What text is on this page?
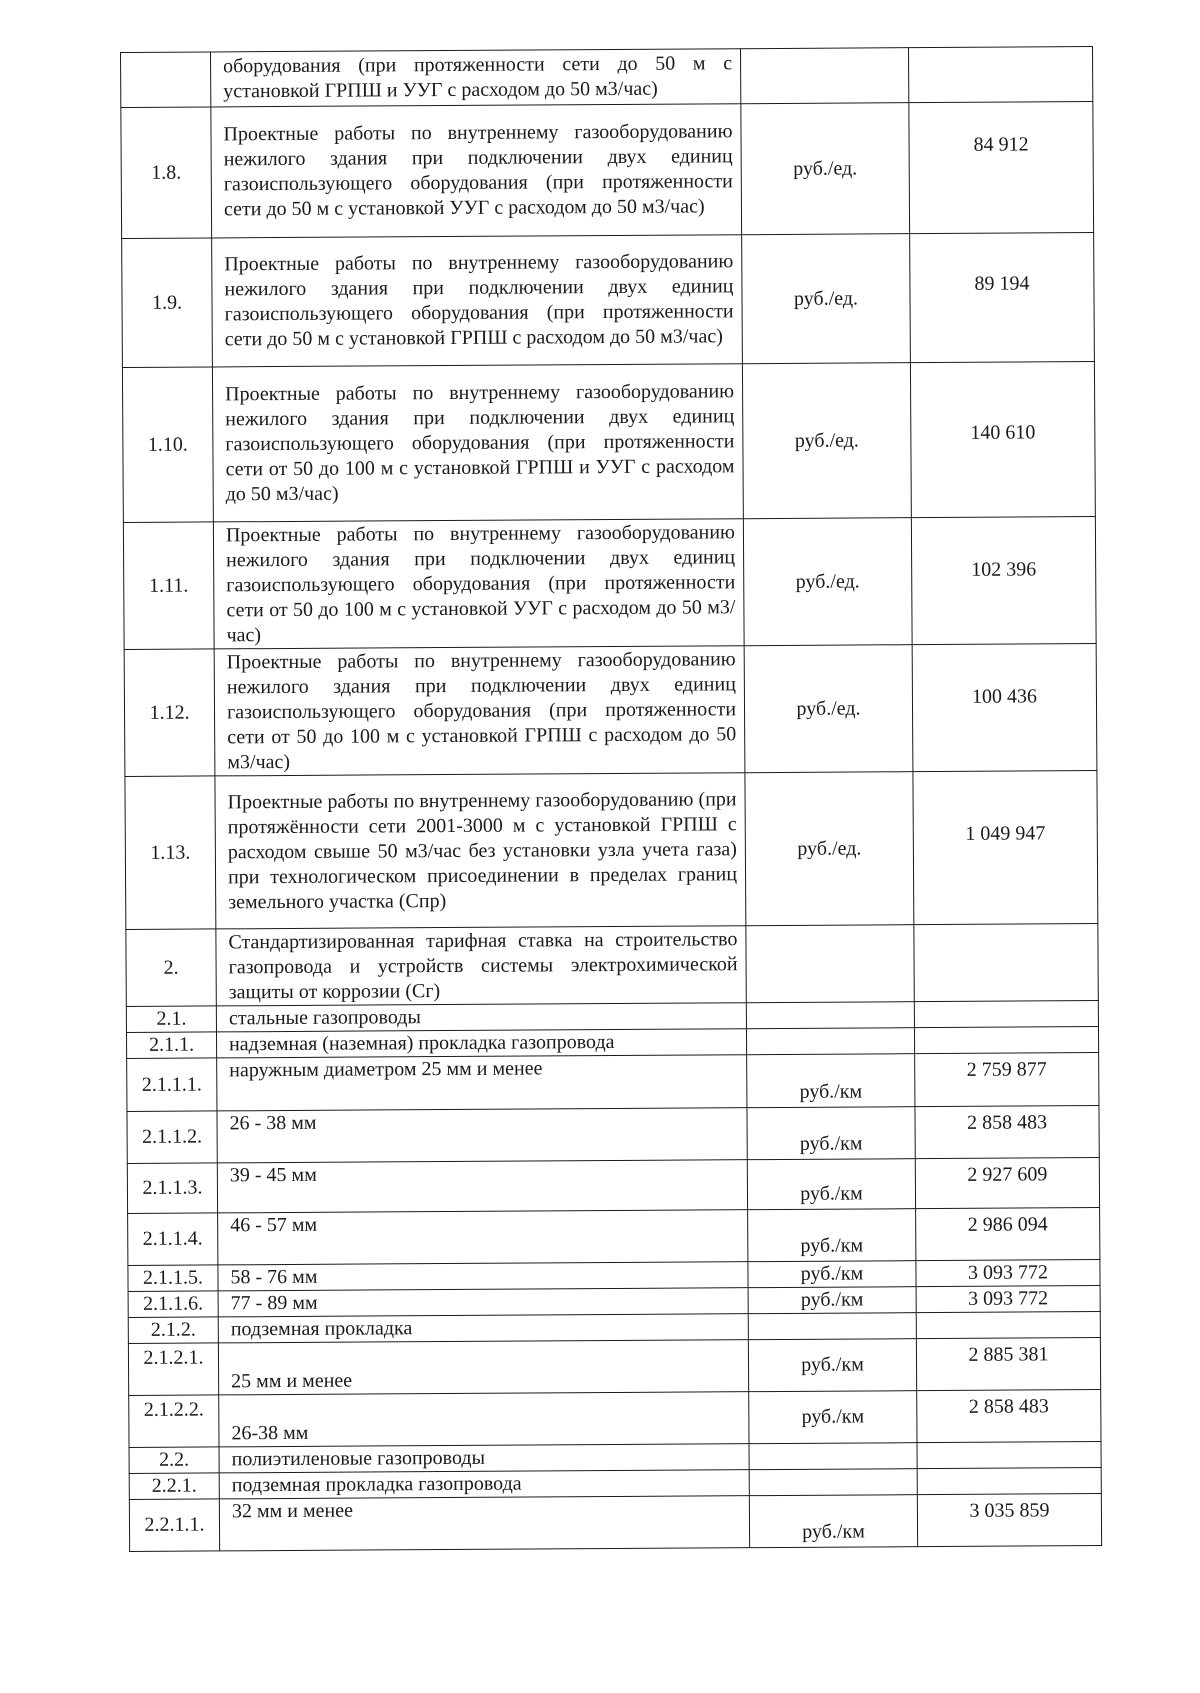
	оборудования (при протяженности сети до 50 м с установкой ГРПШ и УУГ с расходом до 50 м3/час)		
1.8.	Проектные работы по внутреннему газооборудованию нежилого здания при подключении двух единиц газоиспользующего оборудования (при протяженности сети до 50 м с установкой УУГ с расходом до 50 м3/час)	руб./ед.	84 912
1.9.	Проектные работы по внутреннему газооборудованию нежилого здания при подключении двух единиц газоиспользующего оборудования (при протяженности сети до 50 м с установкой ГРПШ с расходом до 50 м3/час)	руб./ед.	89 194
1.10.	Проектные работы по внутреннему газооборудованию нежилого здания при подключении двух единиц газоиспользующего оборудования (при протяженности сети от 50 до 100 м с установкой ГРПШ и УУГ с расходом до 50 м3/час)	руб./ед.	140 610
1.11.	Проектные работы по внутреннему газооборудованию нежилого здания при подключении двух единиц газоиспользующего оборудования (при протяженности сети от 50 до 100 м с установкой УУГ с расходом до 50 м3/час)	руб./ед.	102 396
1.12.	Проектные работы по внутреннему газооборудованию нежилого здания при подключении двух единиц газоиспользующего оборудования (при протяженности сети от 50 до 100 м с установкой ГРПШ с расходом до 50 м3/час)	руб./ед.	100 436
1.13.	Проектные работы по внутреннему газооборудованию (при протяжённости сети 2001-3000 м с установкой ГРПШ с расходом свыше 50 м3/час без установки узла учета газа) при технологическом присоединении в пределах границ земельного участка (Спр)	руб./ед.	1 049 947
2.	Стандартизированная тарифная ставка на строительство газопровода и устройств системы электрохимической защиты от коррозии (Сг)		
2.1.	стальные газопроводы		
2.1.1.	надземная (наземная) прокладка газопровода		
2.1.1.1.	наружным диаметром 25 мм и менее	руб./км	2 759 877
2.1.1.2.	26 - 38 мм	руб./км	2 858 483
2.1.1.3.	39 - 45 мм	руб./км	2 927 609
2.1.1.4.	46 - 57 мм	руб./км	2 986 094
2.1.1.5.	58 - 76 мм	руб./км	3 093 772
2.1.1.6.	77 - 89 мм	руб./км	3 093 772
2.1.2.	подземная прокладка		
2.1.2.1.	25 мм и менее	руб./км	2 885 381
2.1.2.2.	26-38 мм	руб./км	2 858 483
2.2.	полиэтиленовые газопроводы		
2.2.1.	подземная прокладка газопровода		
2.2.1.1.	32 мм и менее	руб./км	3 035 859
